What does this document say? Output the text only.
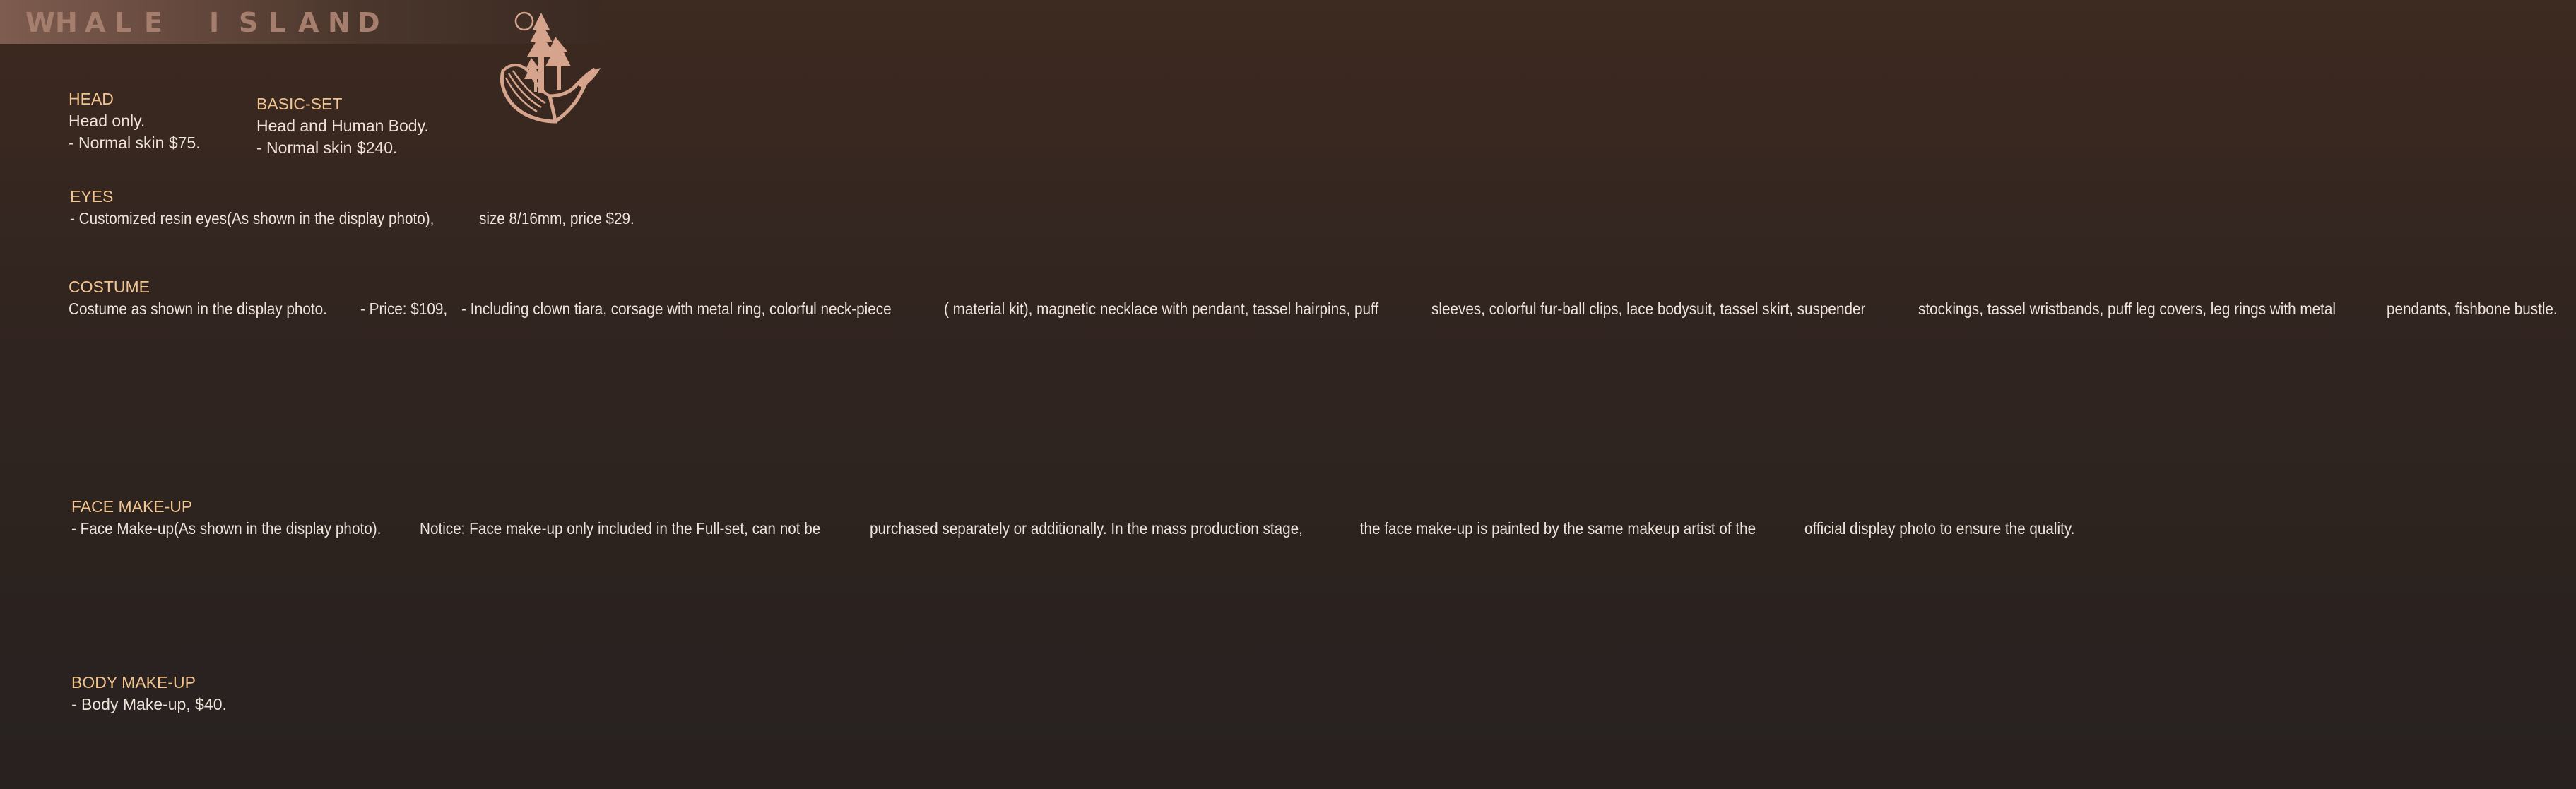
W H A L E I S L A N D
HEAD
Head only.
- Normal skin $75.
BASIC-SET
Head and Human Body.
- Normal skin $240.
EYES
- Customized resin eyes(As shown in the display photo),	size 8/16mm, price $29.
COSTUME
Costume as shown in the display photo. - Price: $109, - Including clown tiara, corsage with metal ring, colorful neck-piece	( material kit), magnetic necklace with pendant, tassel hairpins, puff	sleeves, colorful fur-ball clips, lace bodysuit, tassel skirt, suspender	stockings, tassel wristbands, puff leg covers, leg rings with metal	pendants, fishbone bustle.
FACE MAKE-UP
- Face Make-up(As shown in the display photo). Notice: Face make-up only included in the Full-set, can not be	purchased separately or additionally. In the mass production stage,	the face make-up is painted by the same makeup artist of the	official display photo to ensure the quality.
BODY MAKE-UP
- Body Make-up, $40.
